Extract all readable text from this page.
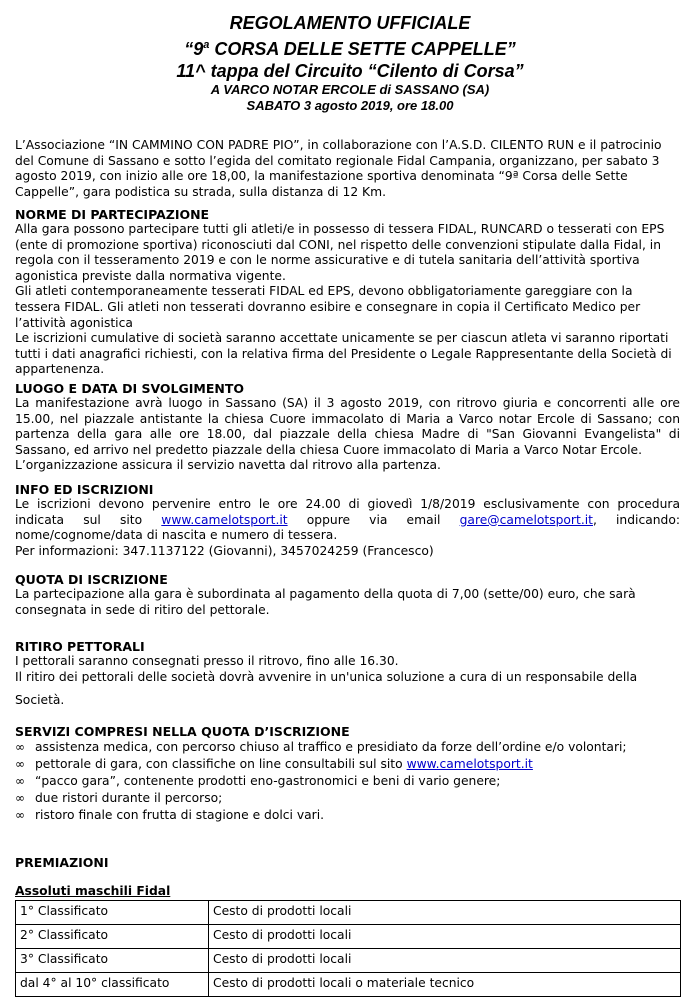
REGOLAMENTO UFFICIALE
“9$^a$ CORSA DELLE SETTE CAPPELLE”
11^ tappa del Circuito “Cilento di Corsa”
A VARCO NOTAR ERCOLE di SASSANO (SA)
SABATO 3 agosto 2019, ore 18.00

L’Associazione “IN CAMMINO CON PADRE PIO”, in collaborazione con l’A.S.D. CILENTO RUN e il patrocinio del Comune di Sassano e sotto l’egida del comitato regionale Fidal Campania, organizzano, per sabato 3 agosto 2019, con inizio alle ore 18,00, la manifestazione sportiva denominata “9ª Corsa delle Sette Cappelle”, gara podistica su strada, sulla distanza di 12 Km.

NORME DI PARTECIPAZIONE

Alla gara possono partecipare tutti gli atleti/e in possesso di tessera FIDAL, RUNCARD o tesserati con EPS (ente di promozione sportiva) riconosciuti dal CONI, nel rispetto delle convenzioni stipulate dalla Fidal, in regola con il tesseramento 2019 e con le norme assicurative e di tutela sanitaria dell’attività sportiva agonistica previste dalla normativa vigente.

Gli atleti contemporaneamente tesserati FIDAL ed EPS, devono obbligatoriamente gareggiare con la tessera FIDAL. Gli atleti non tesserati dovranno esibire e consegnare in copia il Certificato Medico per l’attività agonistica

Le iscrizioni cumulative di società saranno accettate unicamente se per ciascun atleta vi saranno riportati tutti i dati anagrafici richiesti, con la relativa firma del Presidente o Legale Rappresentante della Società di appartenenza.

LUOGO E DATA DI SVOLGIMENTO

La manifestazione avrà luogo in Sassano (SA) il 3 agosto 2019, con ritrovo giuria e concorrenti alle ore 15.00, nel piazzale antistante la chiesa Cuore immacolato di Maria a Varco notar Ercole di Sassano; con partenza della gara alle ore 18.00, dal piazzale della chiesa Madre di "San Giovanni Evangelista" di Sassano, ed arrivo nel predetto piazzale della chiesa Cuore immacolato di Maria a Varco Notar Ercole.

L’organizzazione assicura il servizio navetta dal ritrovo alla partenza.

INFO ED ISCRIZIONI

Le iscrizioni devono pervenire entro le ore 24.00 di giovedì 1/8/2019 esclusivamente con procedura indicata sul sito www.camelotsport.it oppure via email gare@camelotsport.it, indicando: nome/cognome/data di nascita e numero di tessera.

Per informazioni: 347.1137122 (Giovanni), 3457024259 (Francesco)

QUOTA DI ISCRIZIONE

La partecipazione alla gara è subordinata al pagamento della quota di 7,00 (sette/00) euro, che sarà consegnata in sede di ritiro del pettorale.

RITIRO PETTORALI

I pettorali saranno consegnati presso il ritrovo, fino alle 16.30.

Il ritiro dei pettorali delle società dovrà avvenire in un'unica soluzione a cura di un responsabile della

Società.

SERVIZI COMPRESI NELLA QUOTA D’ISCRIZIONE

∞ assistenza medica, con percorso chiuso al traffico e presidiato da forze dell’ordine e/o volontari;
∞ pettorale di gara, con classifiche on line consultabili sul sito www.camelotsport.it
∞ “pacco gara”, contenente prodotti eno-gastronomici e beni di vario genere;
∞ due ristori durante il percorso;
∞ ristoro finale con frutta di stagione e dolci vari.

PREMIAZIONI

Assoluti maschili Fidal
1° Classificato	Cesto di prodotti locali
2° Classificato	Cesto di prodotti locali
3° Classificato	Cesto di prodotti locali
dal 4° al 10° classificato	Cesto di prodotti locali o materiale tecnico
